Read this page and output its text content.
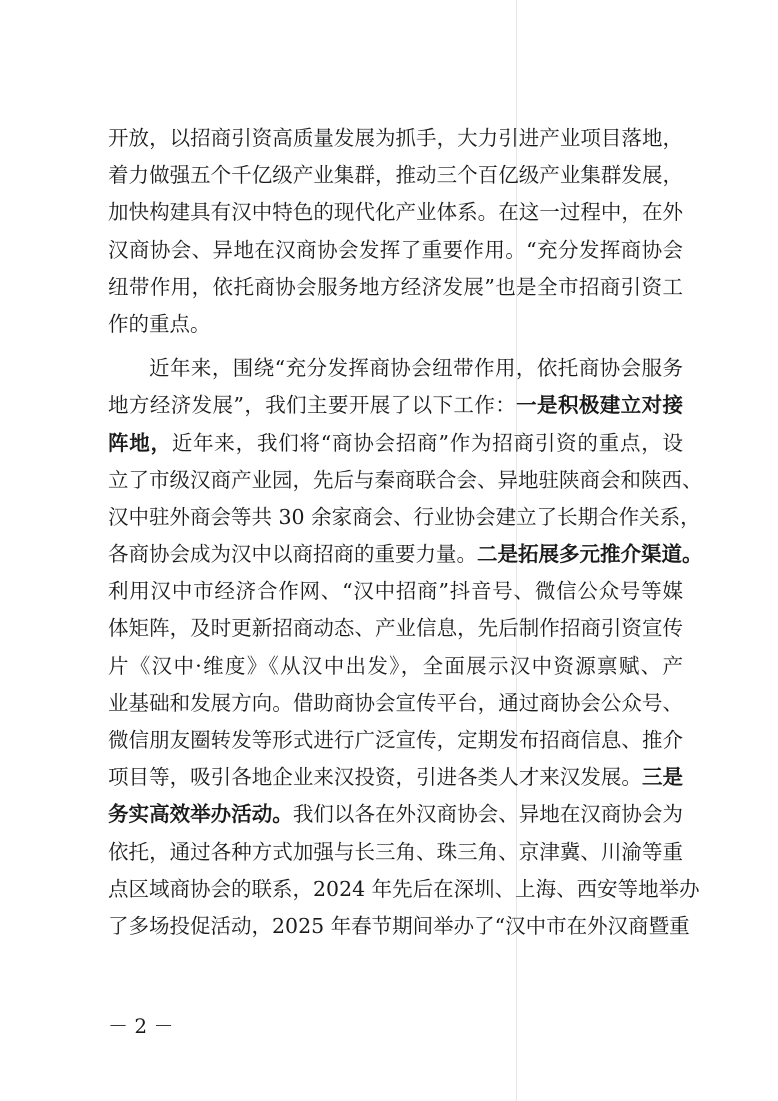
开放，以招商引资高质量发展为抓手，大力引进产业项目落地，
着力做强五个千亿级产业集群，推动三个百亿级产业集群发展，
加快构建具有汉中特色的现代化产业体系。在这一过程中，在外
汉商协会、异地在汉商协会发挥了重要作用。“充分发挥商协会
纽带作用，依托商协会服务地方经济发展”也是全市招商引资工
作的重点。
近年来，围绕“充分发挥商协会纽带作用，依托商协会服务
地方经济发展”，我们主要开展了以下工作：一是积极建立对接
阵地，近年来，我们将“商协会招商”作为招商引资的重点，设
立了市级汉商产业园，先后与秦商联合会、异地驻陕商会和陕西、
汉中驻外商会等共 30 余家商会、行业协会建立了长期合作关系，
各商协会成为汉中以商招商的重要力量。二是拓展多元推介渠道。
利用汉中市经济合作网、“汉中招商”抖音号、微信公众号等媒
体矩阵，及时更新招商动态、产业信息，先后制作招商引资宣传
片《汉中·维度》《从汉中出发》，全面展示汉中资源禀赋、产
业基础和发展方向。借助商协会宣传平台，通过商协会公众号、
微信朋友圈转发等形式进行广泛宣传，定期发布招商信息、推介
项目等，吸引各地企业来汉投资，引进各类人才来汉发展。三是
务实高效举办活动。我们以各在外汉商协会、异地在汉商协会为
依托，通过各种方式加强与长三角、珠三角、京津冀、川渝等重
点区域商协会的联系，2024 年先后在深圳、上海、西安等地举办
了多场投促活动，2025 年春节期间举办了“汉中市在外汉商暨重
－ 2 －
